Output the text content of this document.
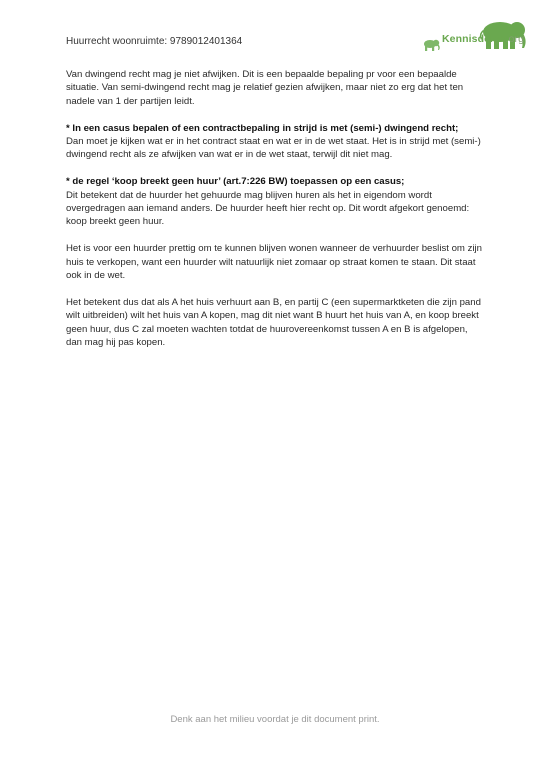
Huurrecht woonruimte: 9789012401364	Kennisdelen.org

Van dwingend recht mag je niet afwijken. Dit is een bepaalde bepaling pr voor een bepaalde situatie. Van semi-dwingend recht mag je relatief gezien afwijken, maar niet zo erg dat het ten nadele van 1 der partijen leidt.

* In een casus bepalen of een contractbepaling in strijd is met (semi-) dwingend recht;
Dan moet je kijken wat er in het contract staat en wat er in de wet staat. Het is in strijd met (semi-) dwingend recht als ze afwijken van wat er in de wet staat, terwijl dit niet mag.

* de regel ‘koop breekt geen huur’ (art.7:226 BW) toepassen op een casus;
Dit betekent dat de huurder het gehuurde mag blijven huren als het in eigendom wordt overgedragen aan iemand anders. De huurder heeft hier recht op. Dit wordt afgekort genoemd: koop breekt geen huur.

Het is voor een huurder prettig om te kunnen blijven wonen wanneer de verhuurder beslist om zijn huis te verkopen, want een huurder wilt natuurlijk niet zomaar op straat komen te staan. Dit staat ook in de wet.

Het betekent dus dat als A het huis verhuurt aan B, en partij C (een supermarktketen die zijn pand wilt uitbreiden) wilt het huis van A kopen, mag dit niet want B huurt het huis van A, en koop breekt geen huur, dus C zal moeten wachten totdat de huurovereenkomst tussen A en B is afgelopen, dan mag hij pas kopen.

Denk aan het milieu voordat je dit document print.
